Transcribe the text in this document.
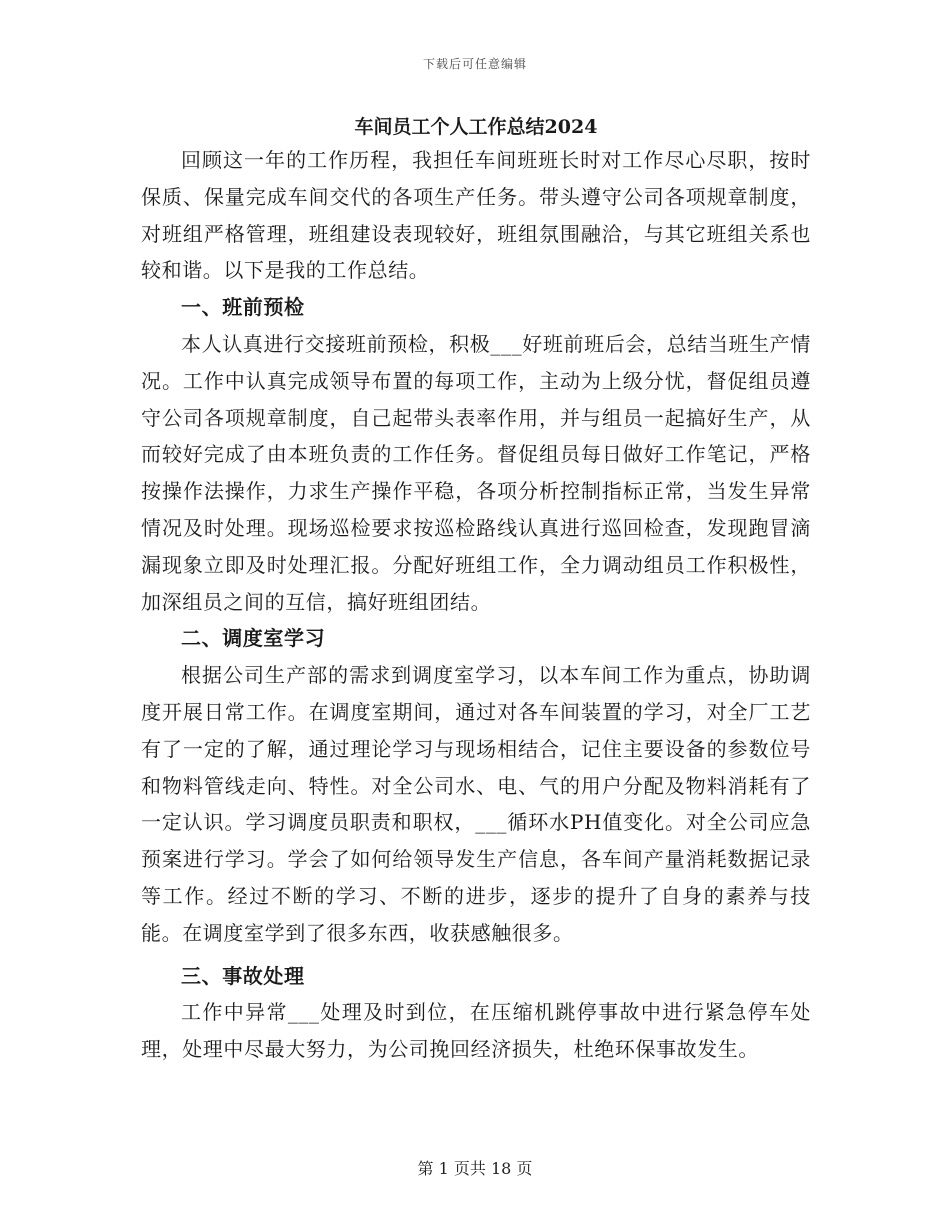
下载后可任意编辑
车间员工个人工作总结2024

回顾这一年的工作历程，我担任车间班班长时对工作尽心尽职，按时保质、保量完成车间交代的各项生产任务。带头遵守公司各项规章制度，对班组严格管理，班组建设表现较好，班组氛围融洽，与其它班组关系也较和谐。以下是我的工作总结。

一、班前预检

本人认真进行交接班前预检，积极___好班前班后会，总结当班生产情况。工作中认真完成领导布置的每项工作，主动为上级分忧，督促组员遵守公司各项规章制度，自己起带头表率作用，并与组员一起搞好生产，从而较好完成了由本班负责的工作任务。督促组员每日做好工作笔记，严格按操作法操作，力求生产操作平稳，各项分析控制指标正常，当发生异常情况及时处理。现场巡检要求按巡检路线认真进行巡回检查，发现跑冒滴漏现象立即及时处理汇报。分配好班组工作，全力调动组员工作积极性，加深组员之间的互信，搞好班组团结。

二、调度室学习

根据公司生产部的需求到调度室学习，以本车间工作为重点，协助调度开展日常工作。在调度室期间，通过对各车间装置的学习，对全厂工艺有了一定的了解，通过理论学习与现场相结合，记住主要设备的参数位号和物料管线走向、特性。对全公司水、电、气的用户分配及物料消耗有了一定认识。学习调度员职责和职权，___循环水PH值变化。对全公司应急预案进行学习。学会了如何给领导发生产信息，各车间产量消耗数据记录等工作。经过不断的学习、不断的进步，逐步的提升了自身的素养与技能。在调度室学到了很多东西，收获感触很多。

三、事故处理

工作中异常___处理及时到位，在压缩机跳停事故中进行紧急停车处理，处理中尽最大努力，为公司挽回经济损失，杜绝环保事故发生。

第 1 页共 18 页
